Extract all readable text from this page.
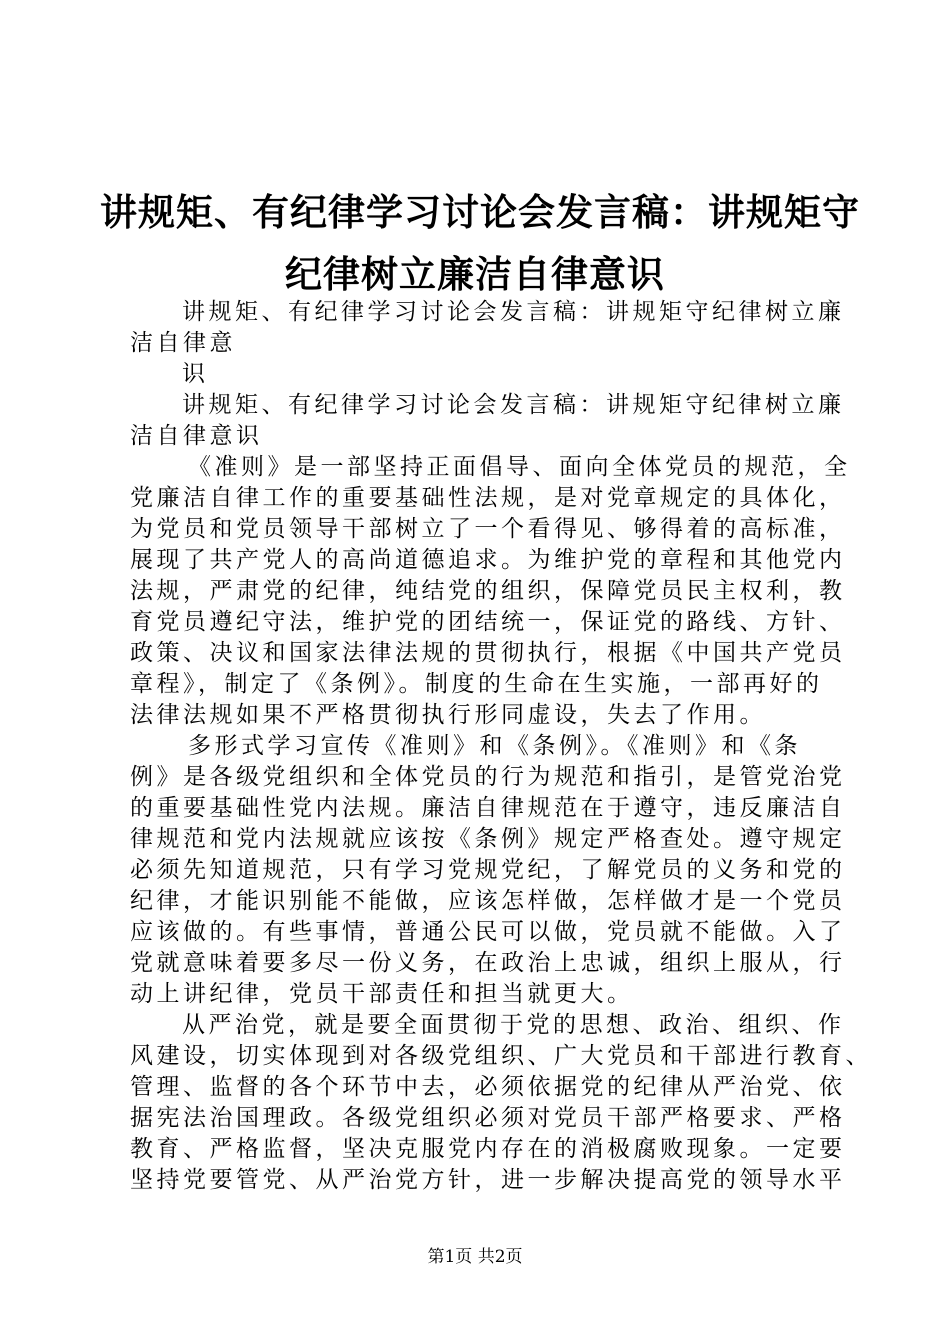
讲规矩、有纪律学习讨论会发言稿：讲规矩守
纪律树立廉洁自律意识
讲规矩、有纪律学习讨论会发言稿：讲规矩守纪律树立廉
洁自律意
识
讲规矩、有纪律学习讨论会发言稿：讲规矩守纪律树立廉
洁自律意识
《准则》是一部坚持正面倡导、面向全体党员的规范，全
党廉洁自律工作的重要基础性法规，是对党章规定的具体化，
为党员和党员领导干部树立了一个看得见、够得着的高标准，
展现了共产党人的高尚道德追求。为维护党的章程和其他党内
法规，严肃党的纪律，纯结党的组织，保障党员民主权利，教
育党员遵纪守法，维护党的团结统一，保证党的路线、方针、
政策、决议和国家法律法规的贯彻执行，根据《中国共产党员
章程》，制定了《条例》。制度的生命在生实施，一部再好的
法律法规如果不严格贯彻执行形同虚设，失去了作用。
多形式学习宣传《准则》和《条例》。《准则》和《条
例》是各级党组织和全体党员的行为规范和指引，是管党治党
的重要基础性党内法规。廉洁自律规范在于遵守，违反廉洁自
律规范和党内法规就应该按《条例》规定严格查处。遵守规定
必须先知道规范，只有学习党规党纪，了解党员的义务和党的
纪律，才能识别能不能做，应该怎样做，怎样做才是一个党员
应该做的。有些事情，普通公民可以做，党员就不能做。入了
党就意味着要多尽一份义务，在政治上忠诚，组织上服从，行
动上讲纪律，党员干部责任和担当就更大。
从严治党，就是要全面贯彻于党的思想、政治、组织、作
风建设，切实体现到对各级党组织、广大党员和干部进行教育、
管理、监督的各个环节中去，必须依据党的纪律从严治党、依
据宪法治国理政。各级党组织必须对党员干部严格要求、严格
教育、严格监督，坚决克服党内存在的消极腐败现象。一定要
坚持党要管党、从严治党方针，进一步解决提高党的领导水平
第1页 共2页
